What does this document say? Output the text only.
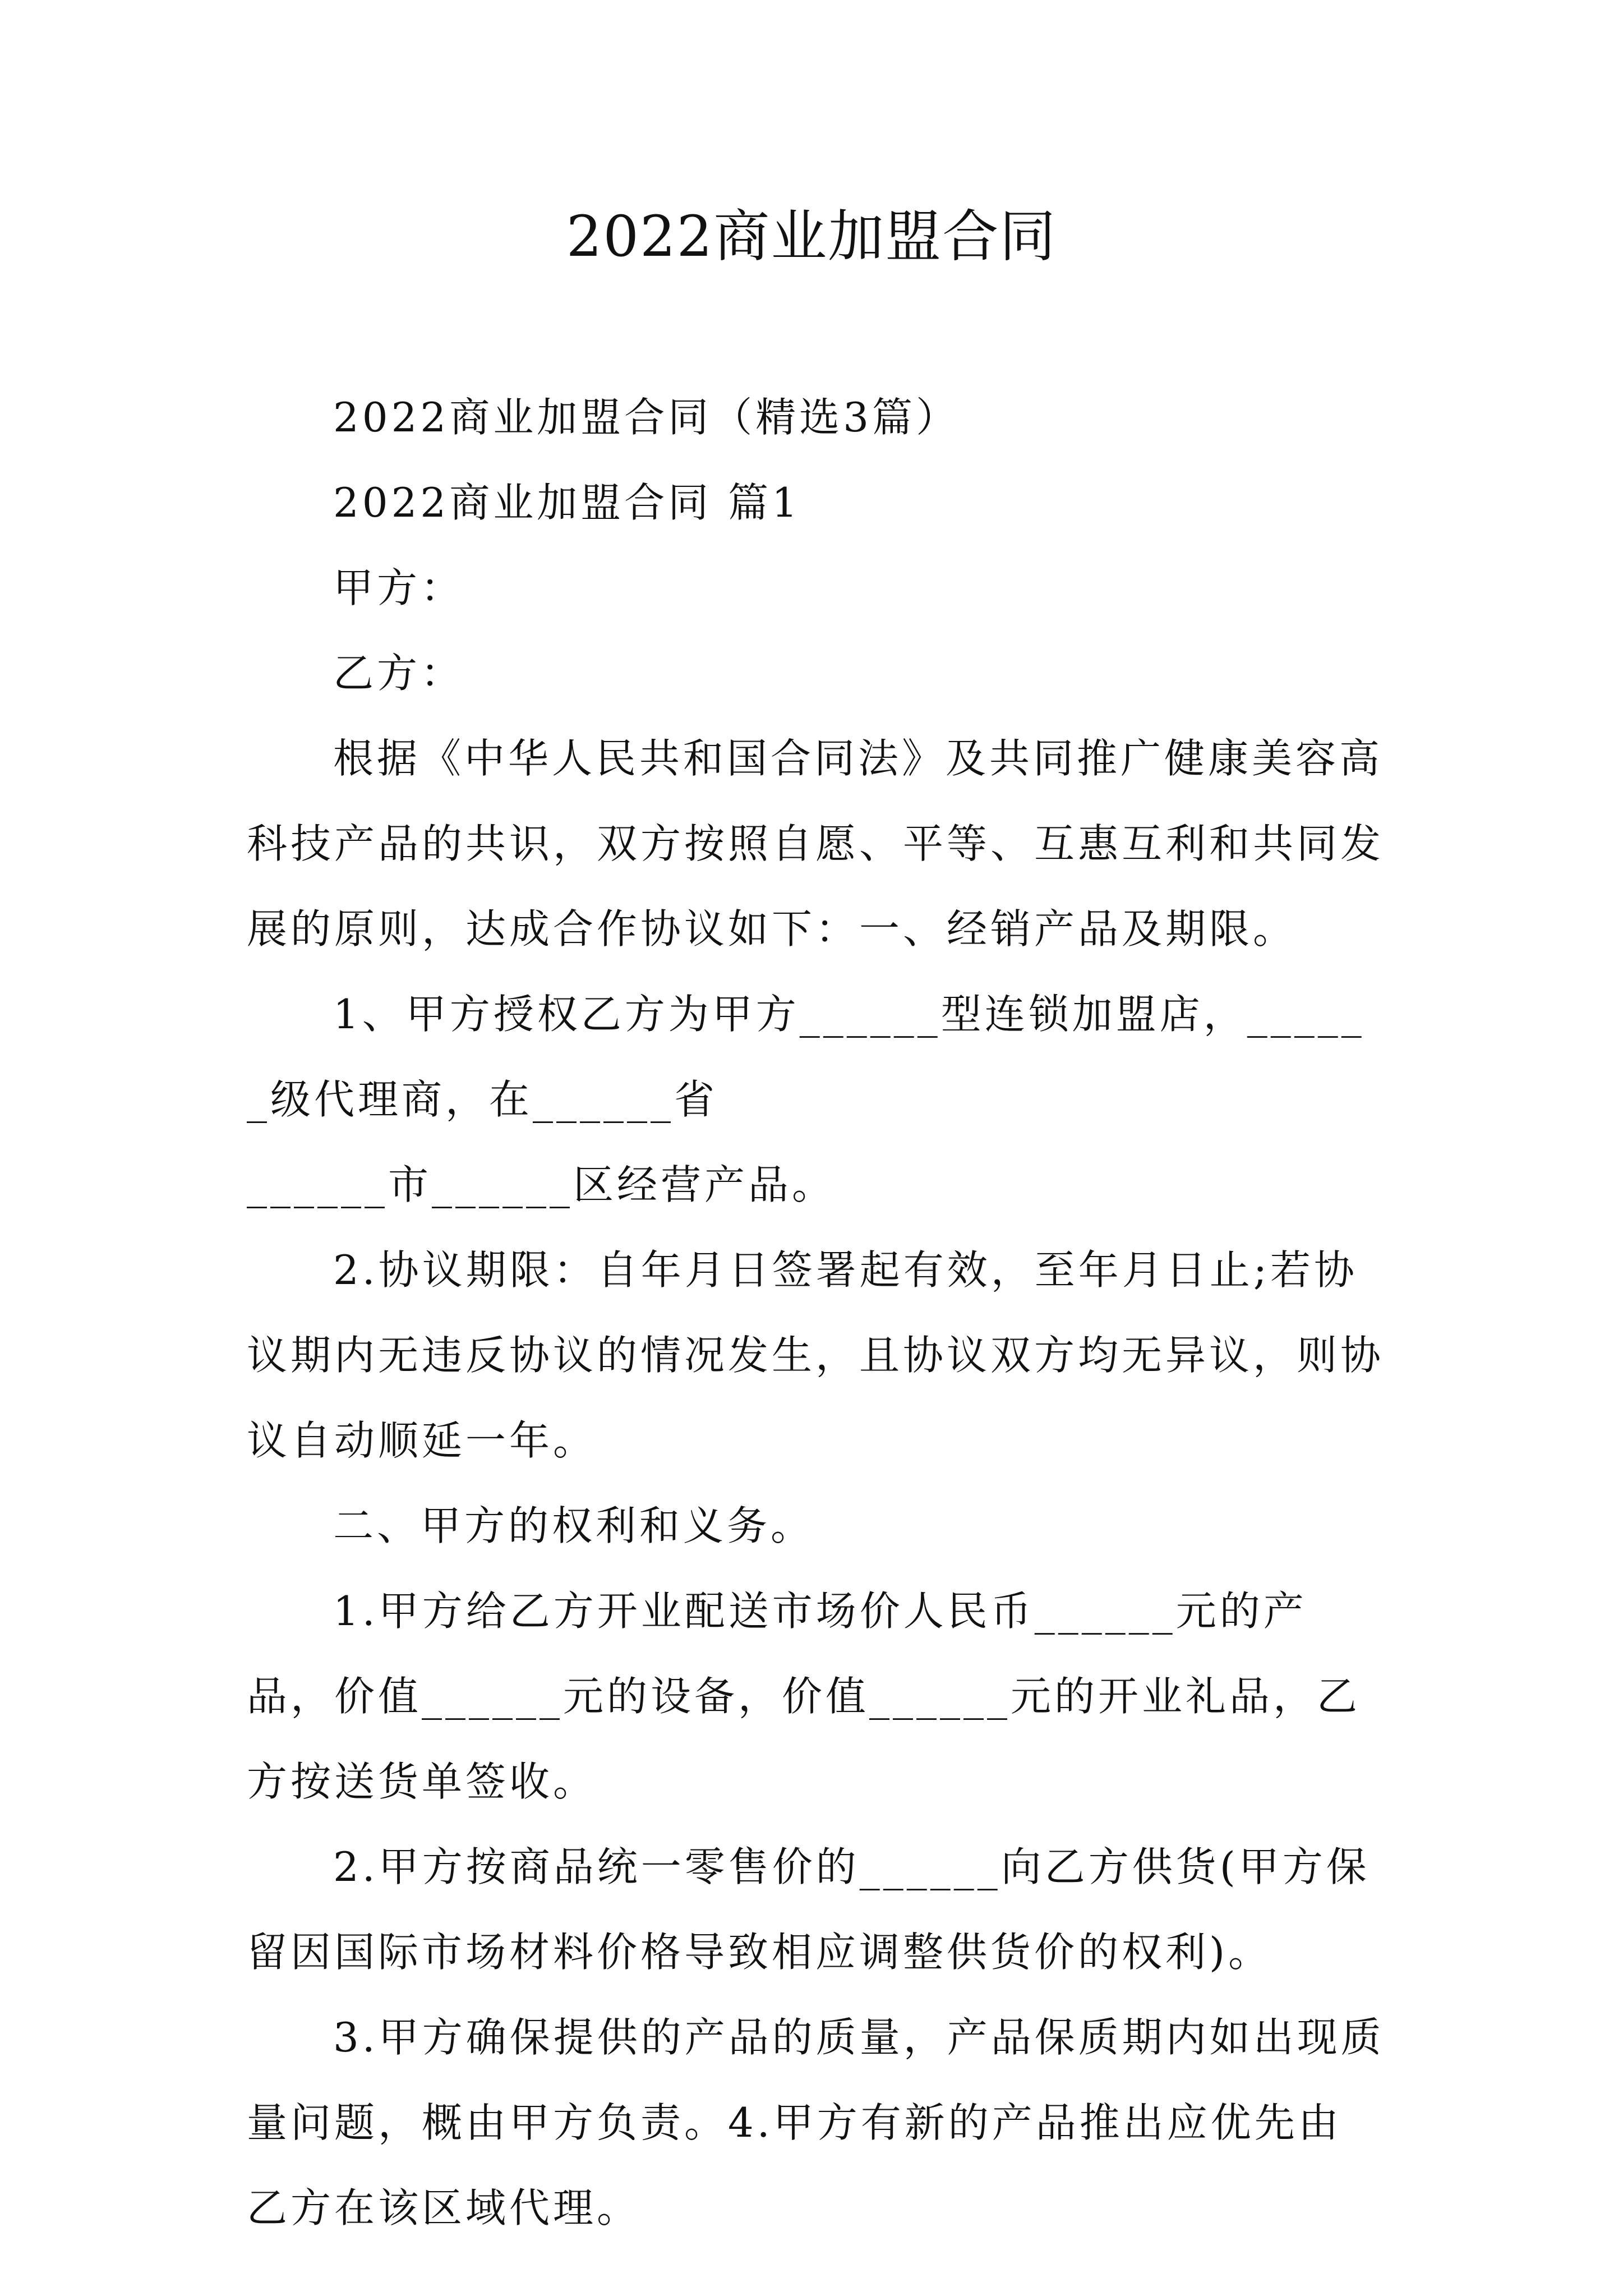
2022商业加盟合同

2022商业加盟合同（精选3篇）

2022商业加盟合同 篇1

甲方：

乙方：

根据《中华人民共和国合同法》及共同推广健康美容高科技产品的共识，双方按照自愿、平等、互惠互利和共同发展的原则，达成合作协议如下：一、经销产品及期限。

1、甲方授权乙方为甲方______型连锁加盟店，______级代理商，在______省

______市______区经营产品。

2.协议期限：自年月日签署起有效，至年月日止;若协议期内无违反协议的情况发生，且协议双方均无异议，则协议自动顺延一年。

二、甲方的权利和义务。

1.甲方给乙方开业配送市场价人民币______元的产品，价值______元的设备，价值______元的开业礼品，乙方按送货单签收。

2.甲方按商品统一零售价的______向乙方供货(甲方保留因国际市场材料价格导致相应调整供货价的权利)。

3.甲方确保提供的产品的质量，产品保质期内如出现质量问题，概由甲方负责。4.甲方有新的产品推出应优先由乙方在该区域代理。
